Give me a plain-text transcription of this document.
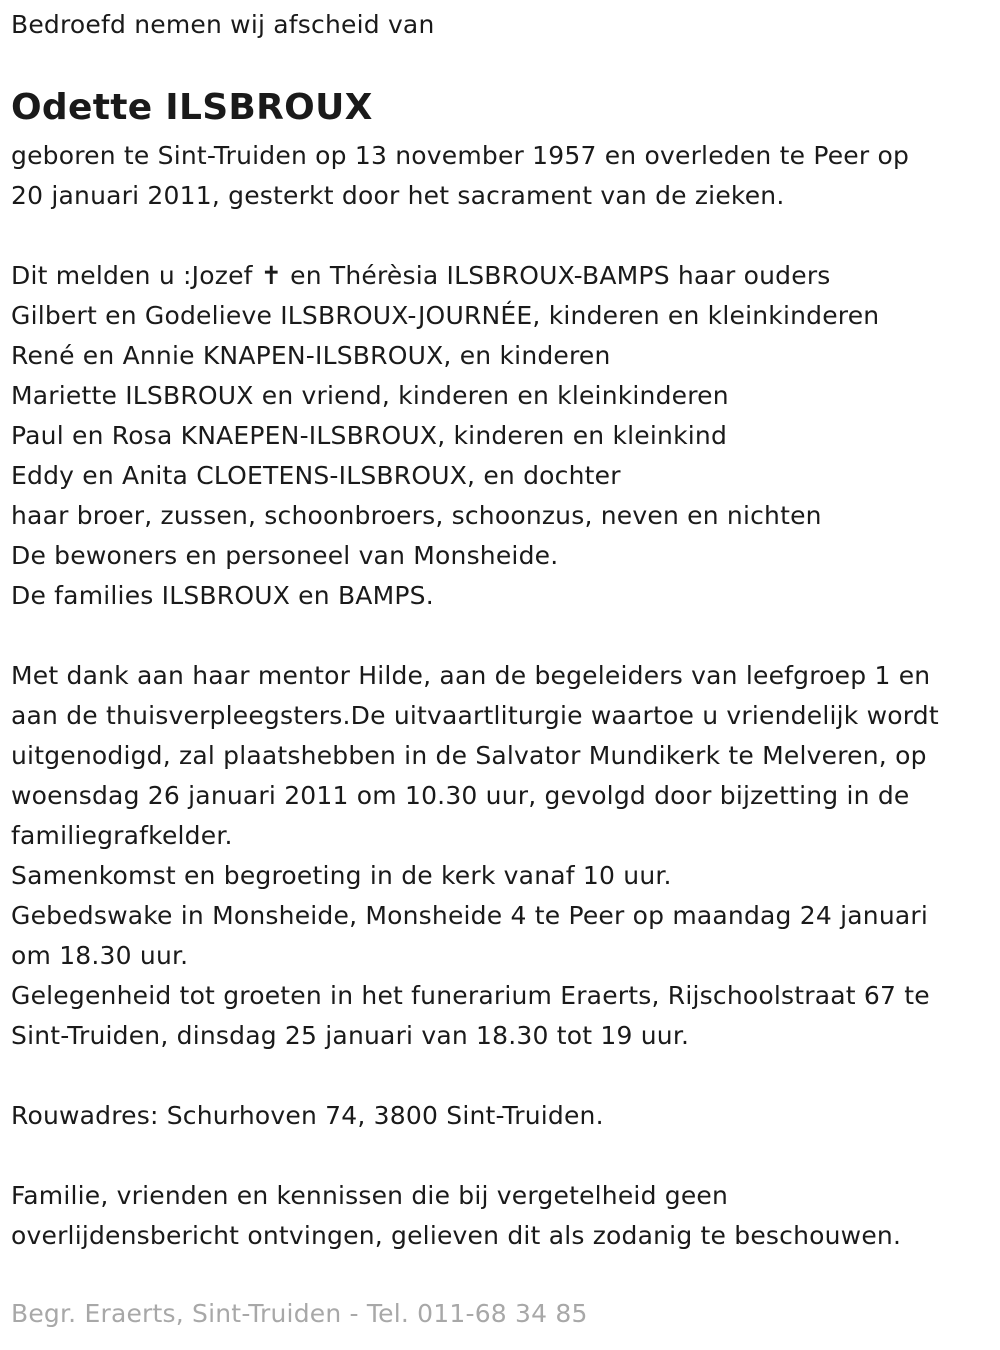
Bedroefd nemen wij afscheid van

Odette ILSBROUX

geboren te Sint-Truiden op 13 november 1957 en overleden te Peer op

20 januari 2011, gesterkt door het sacrament van de zieken.

Dit melden u :Jozef ✝ en Thérèsia ILSBROUX-BAMPS haar ouders

Gilbert en Godelieve ILSBROUX-JOURNÉE, kinderen en kleinkinderen

René en Annie KNAPEN-ILSBROUX, en kinderen

Mariette ILSBROUX en vriend, kinderen en kleinkinderen

Paul en Rosa KNAEPEN-ILSBROUX, kinderen en kleinkind

Eddy en Anita CLOETENS-ILSBROUX, en dochter

haar broer, zussen, schoonbroers, schoonzus, neven en nichten

De bewoners en personeel van Monsheide.

De families ILSBROUX en BAMPS.

Met dank aan haar mentor Hilde, aan de begeleiders van leefgroep 1 en

aan de thuisverpleegsters.De uitvaartliturgie waartoe u vriendelijk wordt

uitgenodigd, zal plaatshebben in de Salvator Mundikerk te Melveren, op

woensdag 26 januari 2011 om 10.30 uur, gevolgd door bijzetting in de

familiegrafkelder.

Samenkomst en begroeting in de kerk vanaf 10 uur.

Gebedswake in Monsheide, Monsheide 4 te Peer op maandag 24 januari

om 18.30 uur.

Gelegenheid tot groeten in het funerarium Eraerts, Rijschoolstraat 67 te

Sint-Truiden, dinsdag 25 januari van 18.30 tot 19 uur.

Rouwadres: Schurhoven 74, 3800 Sint-Truiden.

Familie, vrienden en kennissen die bij vergetelheid geen

overlijdensbericht ontvingen, gelieven dit als zodanig te beschouwen.

Begr. Eraerts, Sint-Truiden - Tel. 011-68 34 85
